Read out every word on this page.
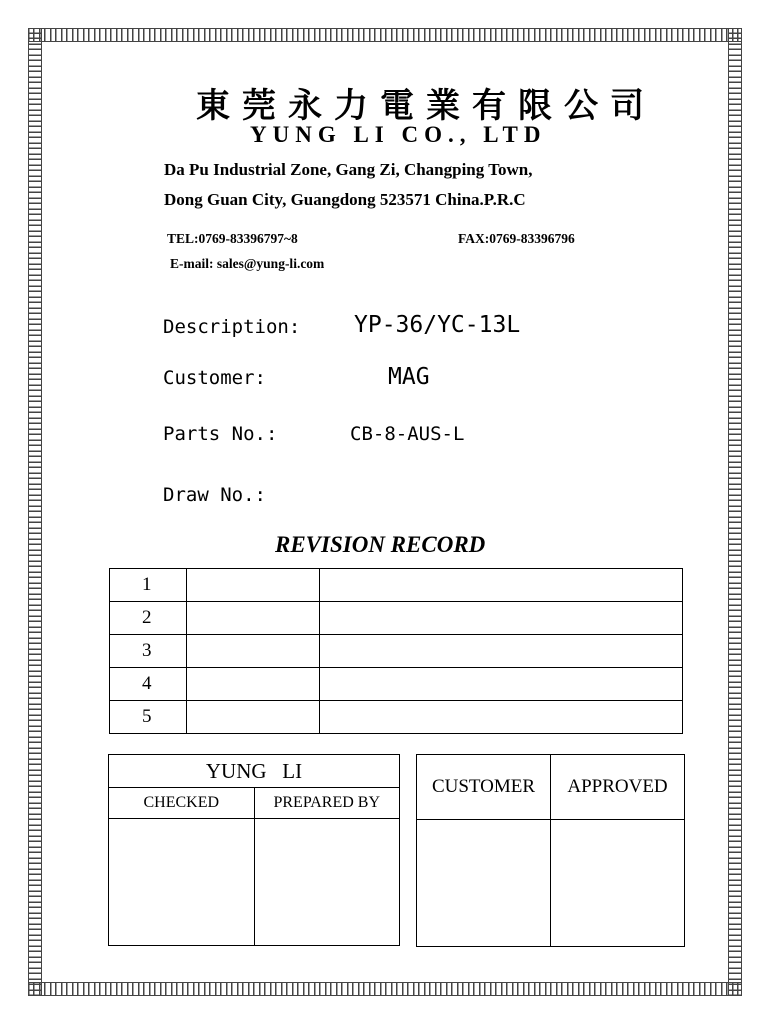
東莞永力電業有限公司
YUNG LI CO., LTD
Da Pu Industrial Zone, Gang Zi, Changping Town,
Dong Guan City, Guangdong 523571 China.P.R.C
TEL:0769-83396797~8	FAX:0769-83396796
E-mail: sales@yung-li.com
Description: YP-36/YC-13L
Customer:	MAG
Parts No.:	CB-8-AUS-L
Draw No.:
REVISION RECORD
1		
2		
3		
4		
5		
YUNG   LI	
CHECKED	PREPARED BY

CUSTOMER	APPROVED
